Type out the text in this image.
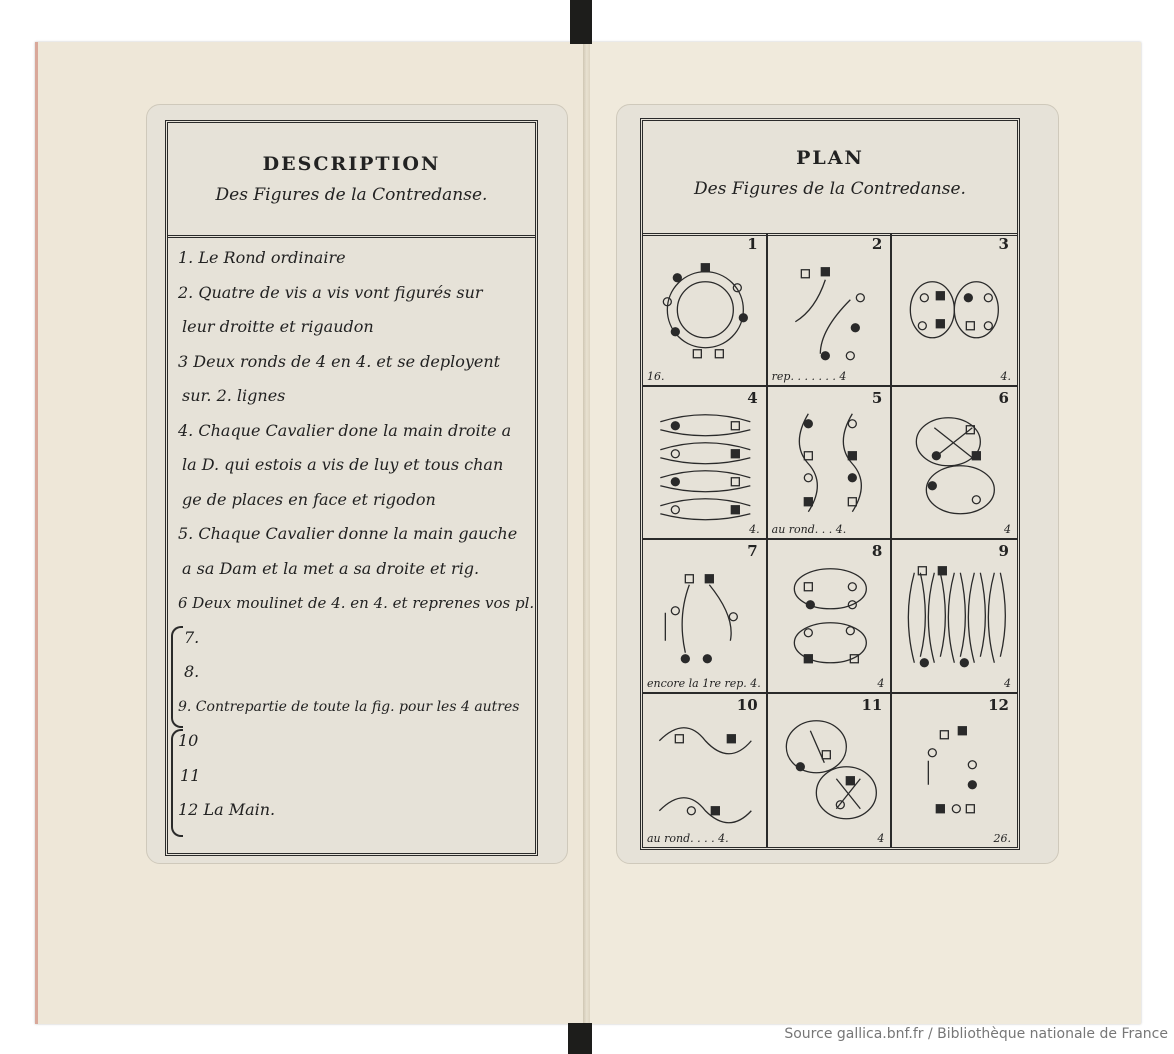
DESCRIPTION
Des Figures de la Contredanse.
1. Le Rond ordinaire
2. Quatre de vis a vis vont figurés sur
leur droitte et rigaudon
3 Deux ronds de 4 en 4. et se deployent
sur. 2. lignes
4. Chaque Cavalier done la main droite a
la D. qui estois a vis de luy et tous chan
ge de places en face et rigodon
5. Chaque Cavalier donne la main gauche
a sa Dam et la met a sa droite et rig.
6 Deux moulinet de 4. en 4. et reprenes vos pl.
7.
8.
9. Contrepartie de toute la fig. pour les 4 autres
10
11
12 La Main.
PLAN
Des Figures de la Contredanse.
1
16.
2
rep. . . . . . . 4
3
4.
4
4.
5
au rond. . . 4.
6
4
7
encore la 1re rep. 4.
8
4
9
4
10
au rond. . . . 4.
11
4
12
26.
Source gallica.bnf.fr / Bibliothèque nationale de France
